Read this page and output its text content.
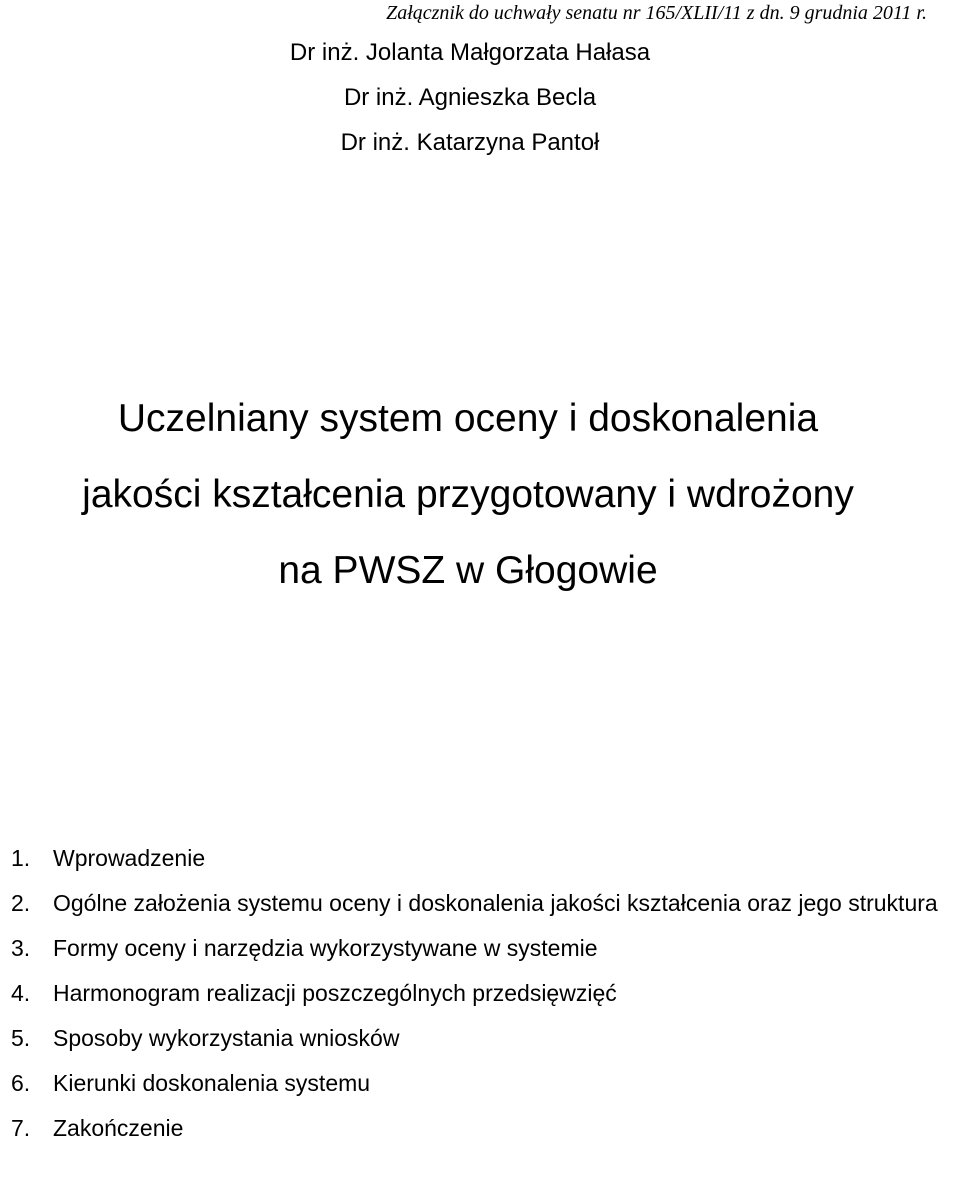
Załącznik do uchwały senatu nr 165/XLII/11 z dn. 9 grudnia 2011 r.
Dr inż. Jolanta Małgorzata Hałasa
Dr inż. Agnieszka Becla
Dr inż. Katarzyna Pantoł
Uczelniany system oceny i doskonalenia
jakości kształcenia przygotowany i wdrożony
na PWSZ w Głogowie
1. Wprowadzenie
2. Ogólne założenia systemu oceny i doskonalenia jakości kształcenia oraz jego struktura
3. Formy oceny i narzędzia wykorzystywane w systemie
4. Harmonogram realizacji poszczególnych przedsięwzięć
5. Sposoby wykorzystania wniosków
6. Kierunki doskonalenia systemu
7. Zakończenie
